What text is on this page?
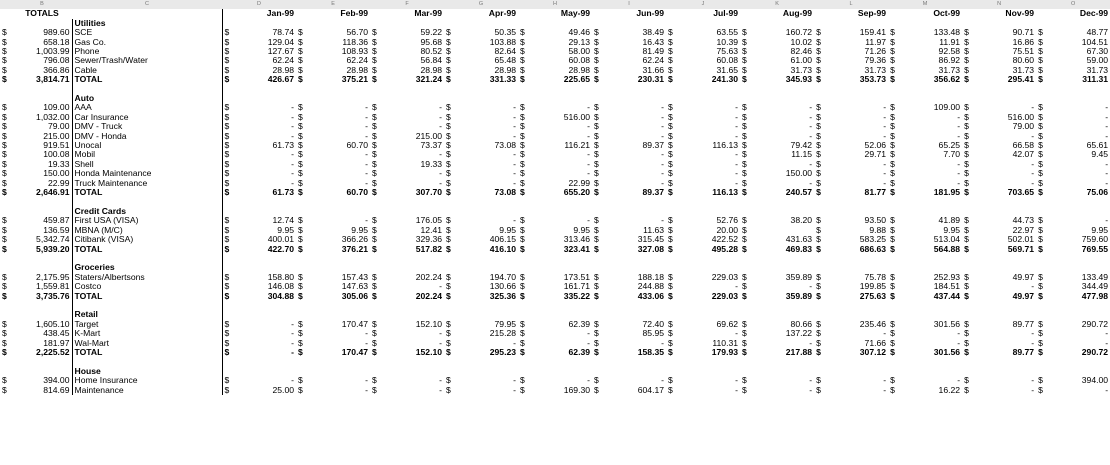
	B	C	D		E		F		G		H		I		J		K		L		M		N		O	
	TOTALS			Jan-99		Feb-99		Mar-99		Apr-99		May-99		Jun-99		Jul-99		Aug-99		Sep-99		Oct-99		Nov-99		Dec-99
		Utilities																								
$	989.60	SCE	$	78.74	$	56.70	$	59.22	$	50.35	$	49.46	$	38.49	$	63.55	$	160.72	$	159.41	$	133.48	$	90.71	$	48.77
$	658.18	Gas Co.	$	129.04	$	118.36	$	95.68	$	103.88	$	29.13	$	16.43	$	10.39	$	10.02	$	11.97	$	11.91	$	16.86	$	104.51
$	1,003.99	Phone	$	127.67	$	108.93	$	80.52	$	82.64	$	58.00	$	81.49	$	75.63	$	82.46	$	71.26	$	92.58	$	75.51	$	67.30
$	796.08	Sewer/Trash/Water	$	62.24	$	62.24	$	56.84	$	65.48	$	60.08	$	62.24	$	60.08	$	61.00	$	79.36	$	86.92	$	80.60	$	59.00
$	366.86	Cable	$	28.98	$	28.98	$	28.98	$	28.98	$	28.98	$	31.66	$	31.65	$	31.73	$	31.73	$	31.73	$	31.73	$	31.73
$	3,814.71	TOTAL	$	426.67	$	375.21	$	321.24	$	331.33	$	225.65	$	230.31	$	241.30	$	345.93	$	353.73	$	356.62	$	295.41	$	311.31

		Auto																								
$	109.00	AAA	$	-	$	-	$	-	$	-	$	-	$	-	$	-	$	-	$	-	$	109.00	$	-	$	-
$	1,032.00	Car Insurance	$	-	$	-	$	-	$	-	$	516.00	$	-	$	-	$	-	$	-	$	-	$	516.00	$	-
$	79.00	DMV - Truck	$	-	$	-	$	-	$	-	$	-	$	-	$	-	$	-	$	-	$	-	$	79.00	$	-
$	215.00	DMV - Honda	$	-	$	-	$	215.00	$	-	$	-	$	-	$	-	$	-	$	-	$	-	$	-	$	-
$	919.51	Unocal	$	61.73	$	60.70	$	73.37	$	73.08	$	116.21	$	89.37	$	116.13	$	79.42	$	52.06	$	65.25	$	66.58	$	65.61
$	100.08	Mobil	$	-	$	-	$	-	$	-	$	-	$	-	$	-	$	11.15	$	29.71	$	7.70	$	42.07	$	9.45
$	19.33	Shell	$	-	$	-	$	19.33	$	-	$	-	$	-	$	-	$	-	$	-	$	-	$	-	$	-
$	150.00	Honda Maintenance	$	-	$	-	$	-	$	-	$	-	$	-	$	-	$	150.00	$	-	$	-	$	-	$	-
$	22.99	Truck Maintenance	$	-	$	-	$	-	$	-	$	22.99	$	-	$	-	$	-	$	-	$	-	$	-	$	-
$	2,646.91	TOTAL	$	61.73	$	60.70	$	307.70	$	73.08	$	655.20	$	89.37	$	116.13	$	240.57	$	81.77	$	181.95	$	703.65	$	75.06

		Credit Cards																								
$	459.87	First USA (VISA)	$	12.74	$	-	$	176.05	$	-	$	-	$	-	$	52.76	$	38.20	$	93.50	$	41.89	$	44.73	$	-
$	136.59	MBNA (M/C)	$	9.95	$	9.95	$	12.41	$	9.95	$	9.95	$	11.63	$	20.00	$		$	9.88	$	9.95	$	22.97	$	9.95
$	5,342.74	Citibank (VISA)	$	400.01	$	366.26	$	329.36	$	406.15	$	313.46	$	315.45	$	422.52	$	431.63	$	583.25	$	513.04	$	502.01	$	759.60
$	5,939.20	TOTAL	$	422.70	$	376.21	$	517.82	$	416.10	$	323.41	$	327.08	$	495.28	$	469.83	$	686.63	$	564.88	$	569.71	$	769.55

		Groceries																								
$	2,175.95	Staters/Albertsons	$	158.80	$	157.43	$	202.24	$	194.70	$	173.51	$	188.18	$	229.03	$	359.89	$	75.78	$	252.93	$	49.97	$	133.49
$	1,559.81	Costco	$	146.08	$	147.63	$	-	$	130.66	$	161.71	$	244.88	$	-	$	-	$	199.85	$	184.51	$	-	$	344.49
$	3,735.76	TOTAL	$	304.88	$	305.06	$	202.24	$	325.36	$	335.22	$	433.06	$	229.03	$	359.89	$	275.63	$	437.44	$	49.97	$	477.98

		Retail																								
$	1,605.10	Target	$	-	$	170.47	$	152.10	$	79.95	$	62.39	$	72.40	$	69.62	$	80.66	$	235.46	$	301.56	$	89.77	$	290.72
$	438.45	K-Mart	$	-	$	-	$	-	$	215.28	$	-	$	85.95	$	-	$	137.22	$	-	$	-	$	-	$	-
$	181.97	Wal-Mart	$	-	$	-	$	-	$	-	$	-	$	-	$	110.31	$	-	$	71.66	$	-	$	-	$	-
$	2,225.52	TOTAL	$	-	$	170.47	$	152.10	$	295.23	$	62.39	$	158.35	$	179.93	$	217.88	$	307.12	$	301.56	$	89.77	$	290.72

		House																								
$	394.00	Home Insurance	$	-	$	-	$	-	$	-	$	-	$	-	$	-	$	-	$	-	$	-	$	-	$	394.00
$	814.69	Maintenance	$	25.00	$	-	$	-	$	-	$	169.30	$	604.17	$	-	$	-	$	-	$	16.22	$	-	$	-
